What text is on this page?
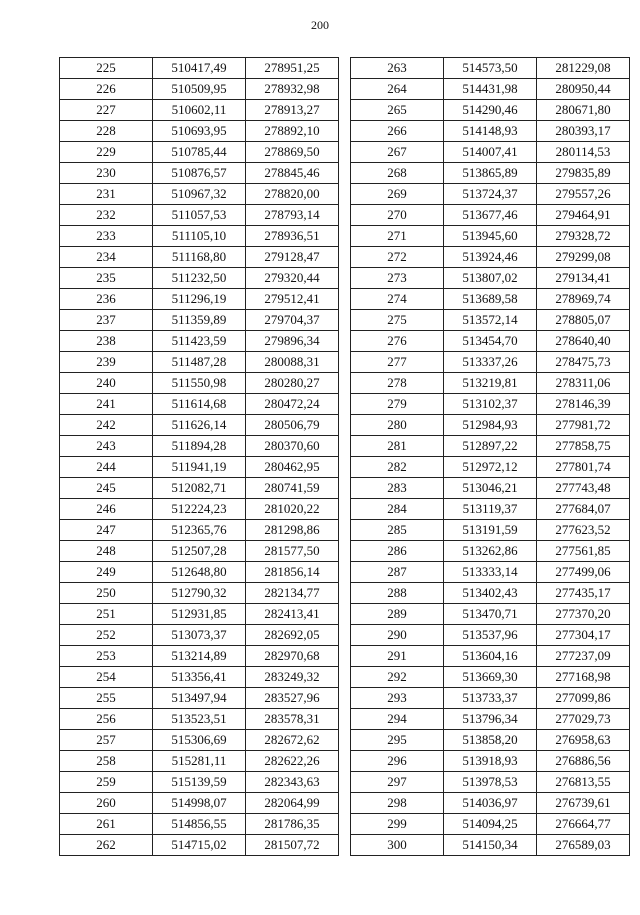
200
225	510417,49	278951,25
226	510509,95	278932,98
227	510602,11	278913,27
228	510693,95	278892,10
229	510785,44	278869,50
230	510876,57	278845,46
231	510967,32	278820,00
232	511057,53	278793,14
233	511105,10	278936,51
234	511168,80	279128,47
235	511232,50	279320,44
236	511296,19	279512,41
237	511359,89	279704,37
238	511423,59	279896,34
239	511487,28	280088,31
240	511550,98	280280,27
241	511614,68	280472,24
242	511626,14	280506,79
243	511894,28	280370,60
244	511941,19	280462,95
245	512082,71	280741,59
246	512224,23	281020,22
247	512365,76	281298,86
248	512507,28	281577,50
249	512648,80	281856,14
250	512790,32	282134,77
251	512931,85	282413,41
252	513073,37	282692,05
253	513214,89	282970,68
254	513356,41	283249,32
255	513497,94	283527,96
256	513523,51	283578,31
257	515306,69	282672,62
258	515281,11	282622,26
259	515139,59	282343,63
260	514998,07	282064,99
261	514856,55	281786,35
262	514715,02	281507,72
263	514573,50	281229,08
264	514431,98	280950,44
265	514290,46	280671,80
266	514148,93	280393,17
267	514007,41	280114,53
268	513865,89	279835,89
269	513724,37	279557,26
270	513677,46	279464,91
271	513945,60	279328,72
272	513924,46	279299,08
273	513807,02	279134,41
274	513689,58	278969,74
275	513572,14	278805,07
276	513454,70	278640,40
277	513337,26	278475,73
278	513219,81	278311,06
279	513102,37	278146,39
280	512984,93	277981,72
281	512897,22	277858,75
282	512972,12	277801,74
283	513046,21	277743,48
284	513119,37	277684,07
285	513191,59	277623,52
286	513262,86	277561,85
287	513333,14	277499,06
288	513402,43	277435,17
289	513470,71	277370,20
290	513537,96	277304,17
291	513604,16	277237,09
292	513669,30	277168,98
293	513733,37	277099,86
294	513796,34	277029,73
295	513858,20	276958,63
296	513918,93	276886,56
297	513978,53	276813,55
298	514036,97	276739,61
299	514094,25	276664,77
300	514150,34	276589,03
